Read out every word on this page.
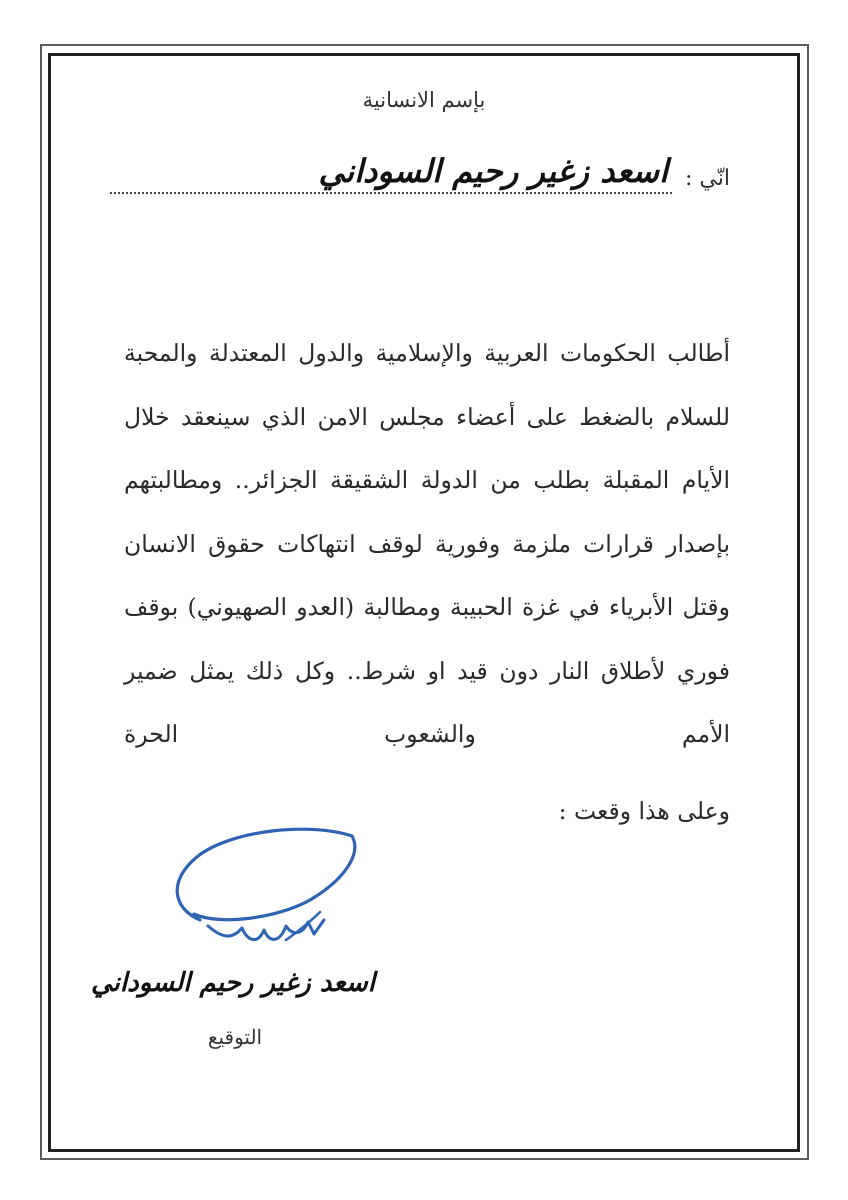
بإسم الانسانية
انّي :
اسعد زغير رحيم السوداني
أطالب الحكومات العربية والإسلامية والدول المعتدلة والمحبة للسلام بالضغط على أعضاء مجلس الامن الذي سينعقد خلال الأيام المقبلة بطلب من الدولة الشقيقة الجزائر.. ومطالبتهم بإصدار قرارات ملزمة وفورية لوقف انتهاكات حقوق الانسان وقتل الأبرياء في غزة الحبيبة ومطالبة (العدو الصهيوني) بوقف فوري لأطلاق النار دون قيد او شرط.. وكل ذلك يمثل ضمير الأمم والشعوب الحرة
وعلى هذا وقعت :
اسعد زغير رحيم السوداني
التوقيع
